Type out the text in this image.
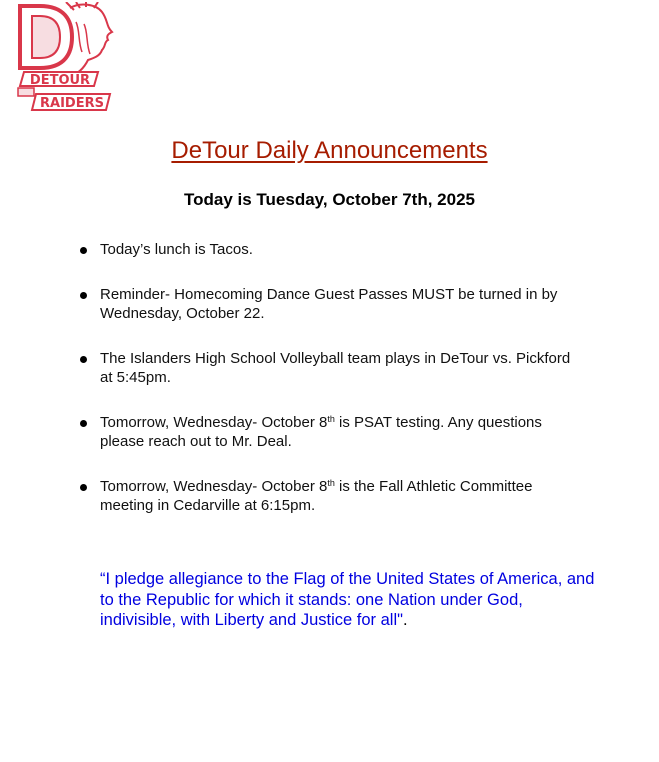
DETOUR
RAIDERS
DeTour Daily Announcements
Today is Tuesday, October 7th, 2025
Today’s lunch is Tacos.
Reminder- Homecoming Dance Guest Passes MUST be turned in by Wednesday, October 22.
The Islanders High School Volleyball team plays in DeTour vs. Pickford at 5:45pm.
Tomorrow, Wednesday- October 8th is PSAT testing. Any questions please reach out to Mr. Deal.
Tomorrow, Wednesday- October 8th is the Fall Athletic Committee meeting in Cedarville at 6:15pm.
“I pledge allegiance to the Flag of the United States of America, and to the Republic for which it stands: one Nation under God, indivisible, with Liberty and Justice for all".
